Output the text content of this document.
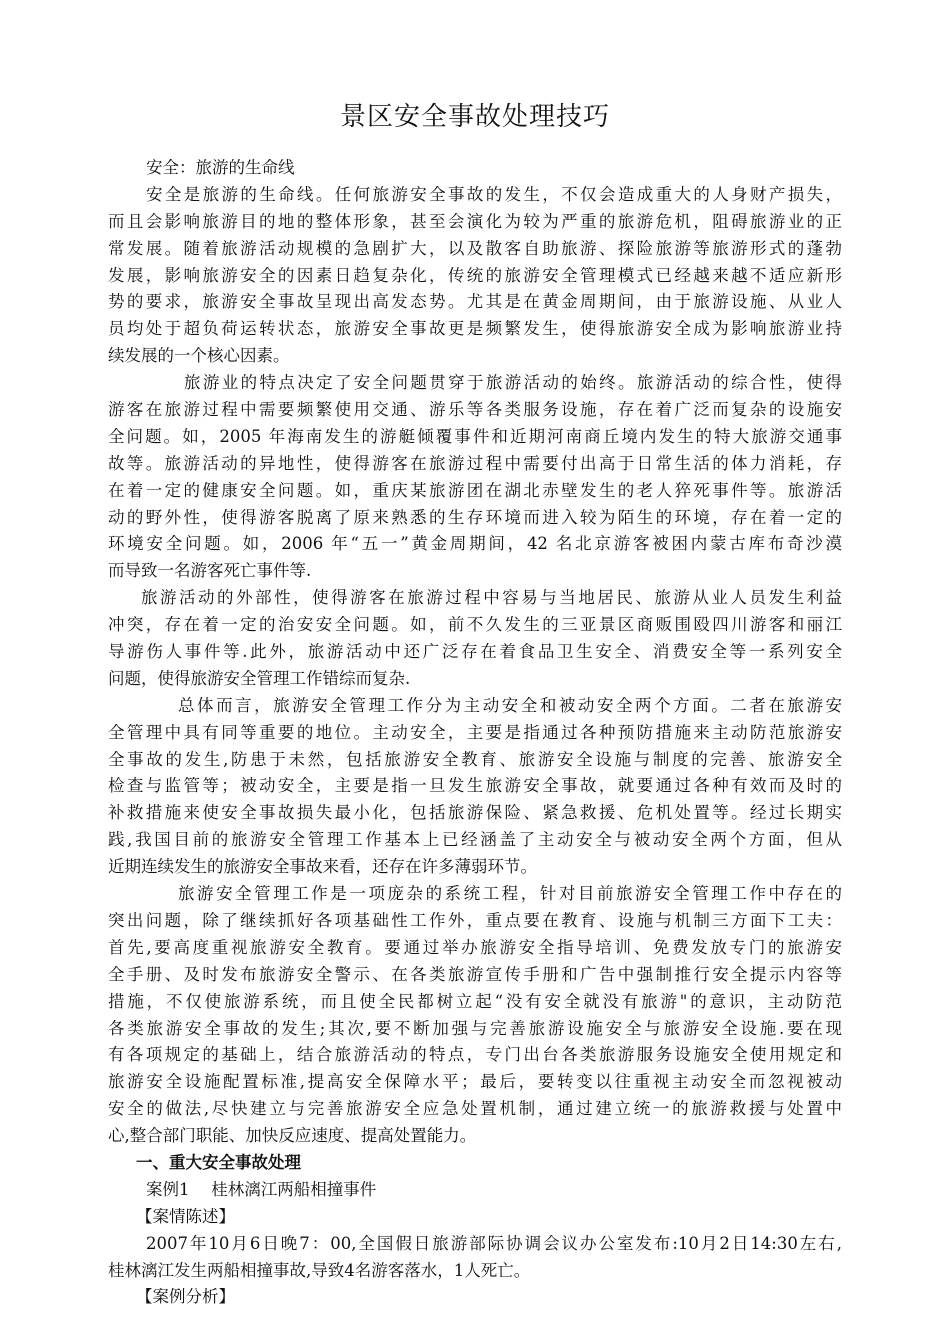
景区安全事故处理技巧
安全：旅游的生命线
安全是旅游的生命线。任何旅游安全事故的发生，不仅会造成重大的人身财产损失，
而且会影响旅游目的地的整体形象，甚至会演化为较为严重的旅游危机，阻碍旅游业的正
常发展。随着旅游活动规模的急剧扩大，以及散客自助旅游、探险旅游等旅游形式的蓬勃
发展，影响旅游安全的因素日趋复杂化，传统的旅游安全管理模式已经越来越不适应新形
势的要求，旅游安全事故呈现出高发态势。尤其是在黄金周期间，由于旅游设施、从业人
员均处于超负荷运转状态，旅游安全事故更是频繁发生，使得旅游安全成为影响旅游业持
续发展的一个核心因素。
旅游业的特点决定了安全问题贯穿于旅游活动的始终。旅游活动的综合性，使得
游客在旅游过程中需要频繁使用交通、游乐等各类服务设施，存在着广泛而复杂的设施安
全问题。如，2005 年海南发生的游艇倾覆事件和近期河南商丘境内发生的特大旅游交通事
故等。旅游活动的异地性，使得游客在旅游过程中需要付出高于日常生活的体力消耗，存
在着一定的健康安全问题。如，重庆某旅游团在湖北赤壁发生的老人猝死事件等。旅游活
动的野外性，使得游客脱离了原来熟悉的生存环境而进入较为陌生的环境，存在着一定的
环境安全问题。如，2006 年“五一”黄金周期间，42 名北京游客被困内蒙古库布奇沙漠
而导致一名游客死亡事件等.
旅游活动的外部性，使得游客在旅游过程中容易与当地居民、旅游从业人员发生利益
冲突，存在着一定的治安安全问题。如，前不久发生的三亚景区商贩围殴四川游客和丽江
导游伤人事件等.此外，旅游活动中还广泛存在着食品卫生安全、消费安全等一系列安全
问题，使得旅游安全管理工作错综而复杂.
总体而言，旅游安全管理工作分为主动安全和被动安全两个方面。二者在旅游安
全管理中具有同等重要的地位。主动安全，主要是指通过各种预防措施来主动防范旅游安
全事故的发生,防患于未然，包括旅游安全教育、旅游安全设施与制度的完善、旅游安全
检查与监管等；被动安全，主要是指一旦发生旅游安全事故，就要通过各种有效而及时的
补救措施来使安全事故损失最小化，包括旅游保险、紧急救援、危机处置等。经过长期实
践,我国目前的旅游安全管理工作基本上已经涵盖了主动安全与被动安全两个方面，但从
近期连续发生的旅游安全事故来看，还存在许多薄弱环节。
旅游安全管理工作是一项庞杂的系统工程，针对目前旅游安全管理工作中存在的
突出问题，除了继续抓好各项基础性工作外，重点要在教育、设施与机制三方面下工夫：
首先,要高度重视旅游安全教育。要通过举办旅游安全指导培训、免费发放专门的旅游安
全手册、及时发布旅游安全警示、在各类旅游宣传手册和广告中强制推行安全提示内容等
措施，不仅使旅游系统，而且使全民都树立起“没有安全就没有旅游"的意识，主动防范
各类旅游安全事故的发生;其次,要不断加强与完善旅游设施安全与旅游安全设施.要在现
有各项规定的基础上，结合旅游活动的特点，专门出台各类旅游服务设施安全使用规定和
旅游安全设施配置标准,提高安全保障水平；最后，要转变以往重视主动安全而忽视被动
安全的做法,尽快建立与完善旅游安全应急处置机制，通过建立统一的旅游救援与处置中
心,整合部门职能、加快反应速度、提高处置能力。
一、重大安全事故处理
案例1　 桂林漓江两船相撞事件
【案情陈述】
2007年10月6日晚7：00,全国假日旅游部际协调会议办公室发布:10月2日14:30左右,
桂林漓江发生两船相撞事故,导致4名游客落水，1人死亡。
【案例分析】
